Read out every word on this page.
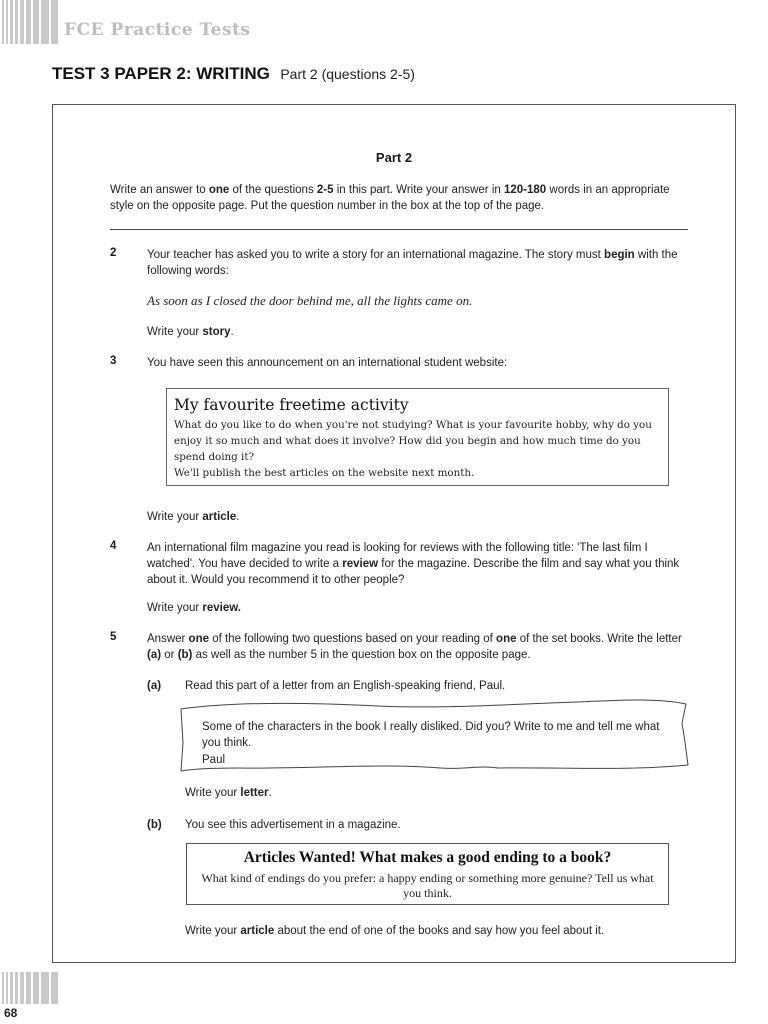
FCE Practice Tests
TEST 3 PAPER 2: WRITING Part 2 (questions 2-5)
Part 2
Write an answer to one of the questions 2-5 in this part. Write your answer in 120-180 words in an appropriate style on the opposite page. Put the question number in the box at the top of the page.
2	Your teacher has asked you to write a story for an international magazine. The story must begin with the following words:
As soon as I closed the door behind me, all the lights came on.
Write your story.
3	You have seen this announcement on an international student website:
My favourite freetime activity
What do you like to do when you're not studying? What is your favourite hobby, why do you enjoy it so much and what does it involve? How did you begin and how much time do you spend doing it?
We'll publish the best articles on the website next month.
Write your article.
4	An international film magazine you read is looking for reviews with the following title: 'The last film I watched'. You have decided to write a review for the magazine. Describe the film and say what you think about it. Would you recommend it to other people?
Write your review.
5	Answer one of the following two questions based on your reading of one of the set books. Write the letter (a) or (b) as well as the number 5 in the question box on the opposite page.
(a) Read this part of a letter from an English-speaking friend, Paul.
Some of the characters in the book I really disliked. Did you? Write to me and tell me what you think.
Paul
Write your letter.
(b) You see this advertisement in a magazine.
Articles Wanted! What makes a good ending to a book?
What kind of endings do you prefer: a happy ending or something more genuine? Tell us what you think.
Write your article about the end of one of the books and say how you feel about it.
68
